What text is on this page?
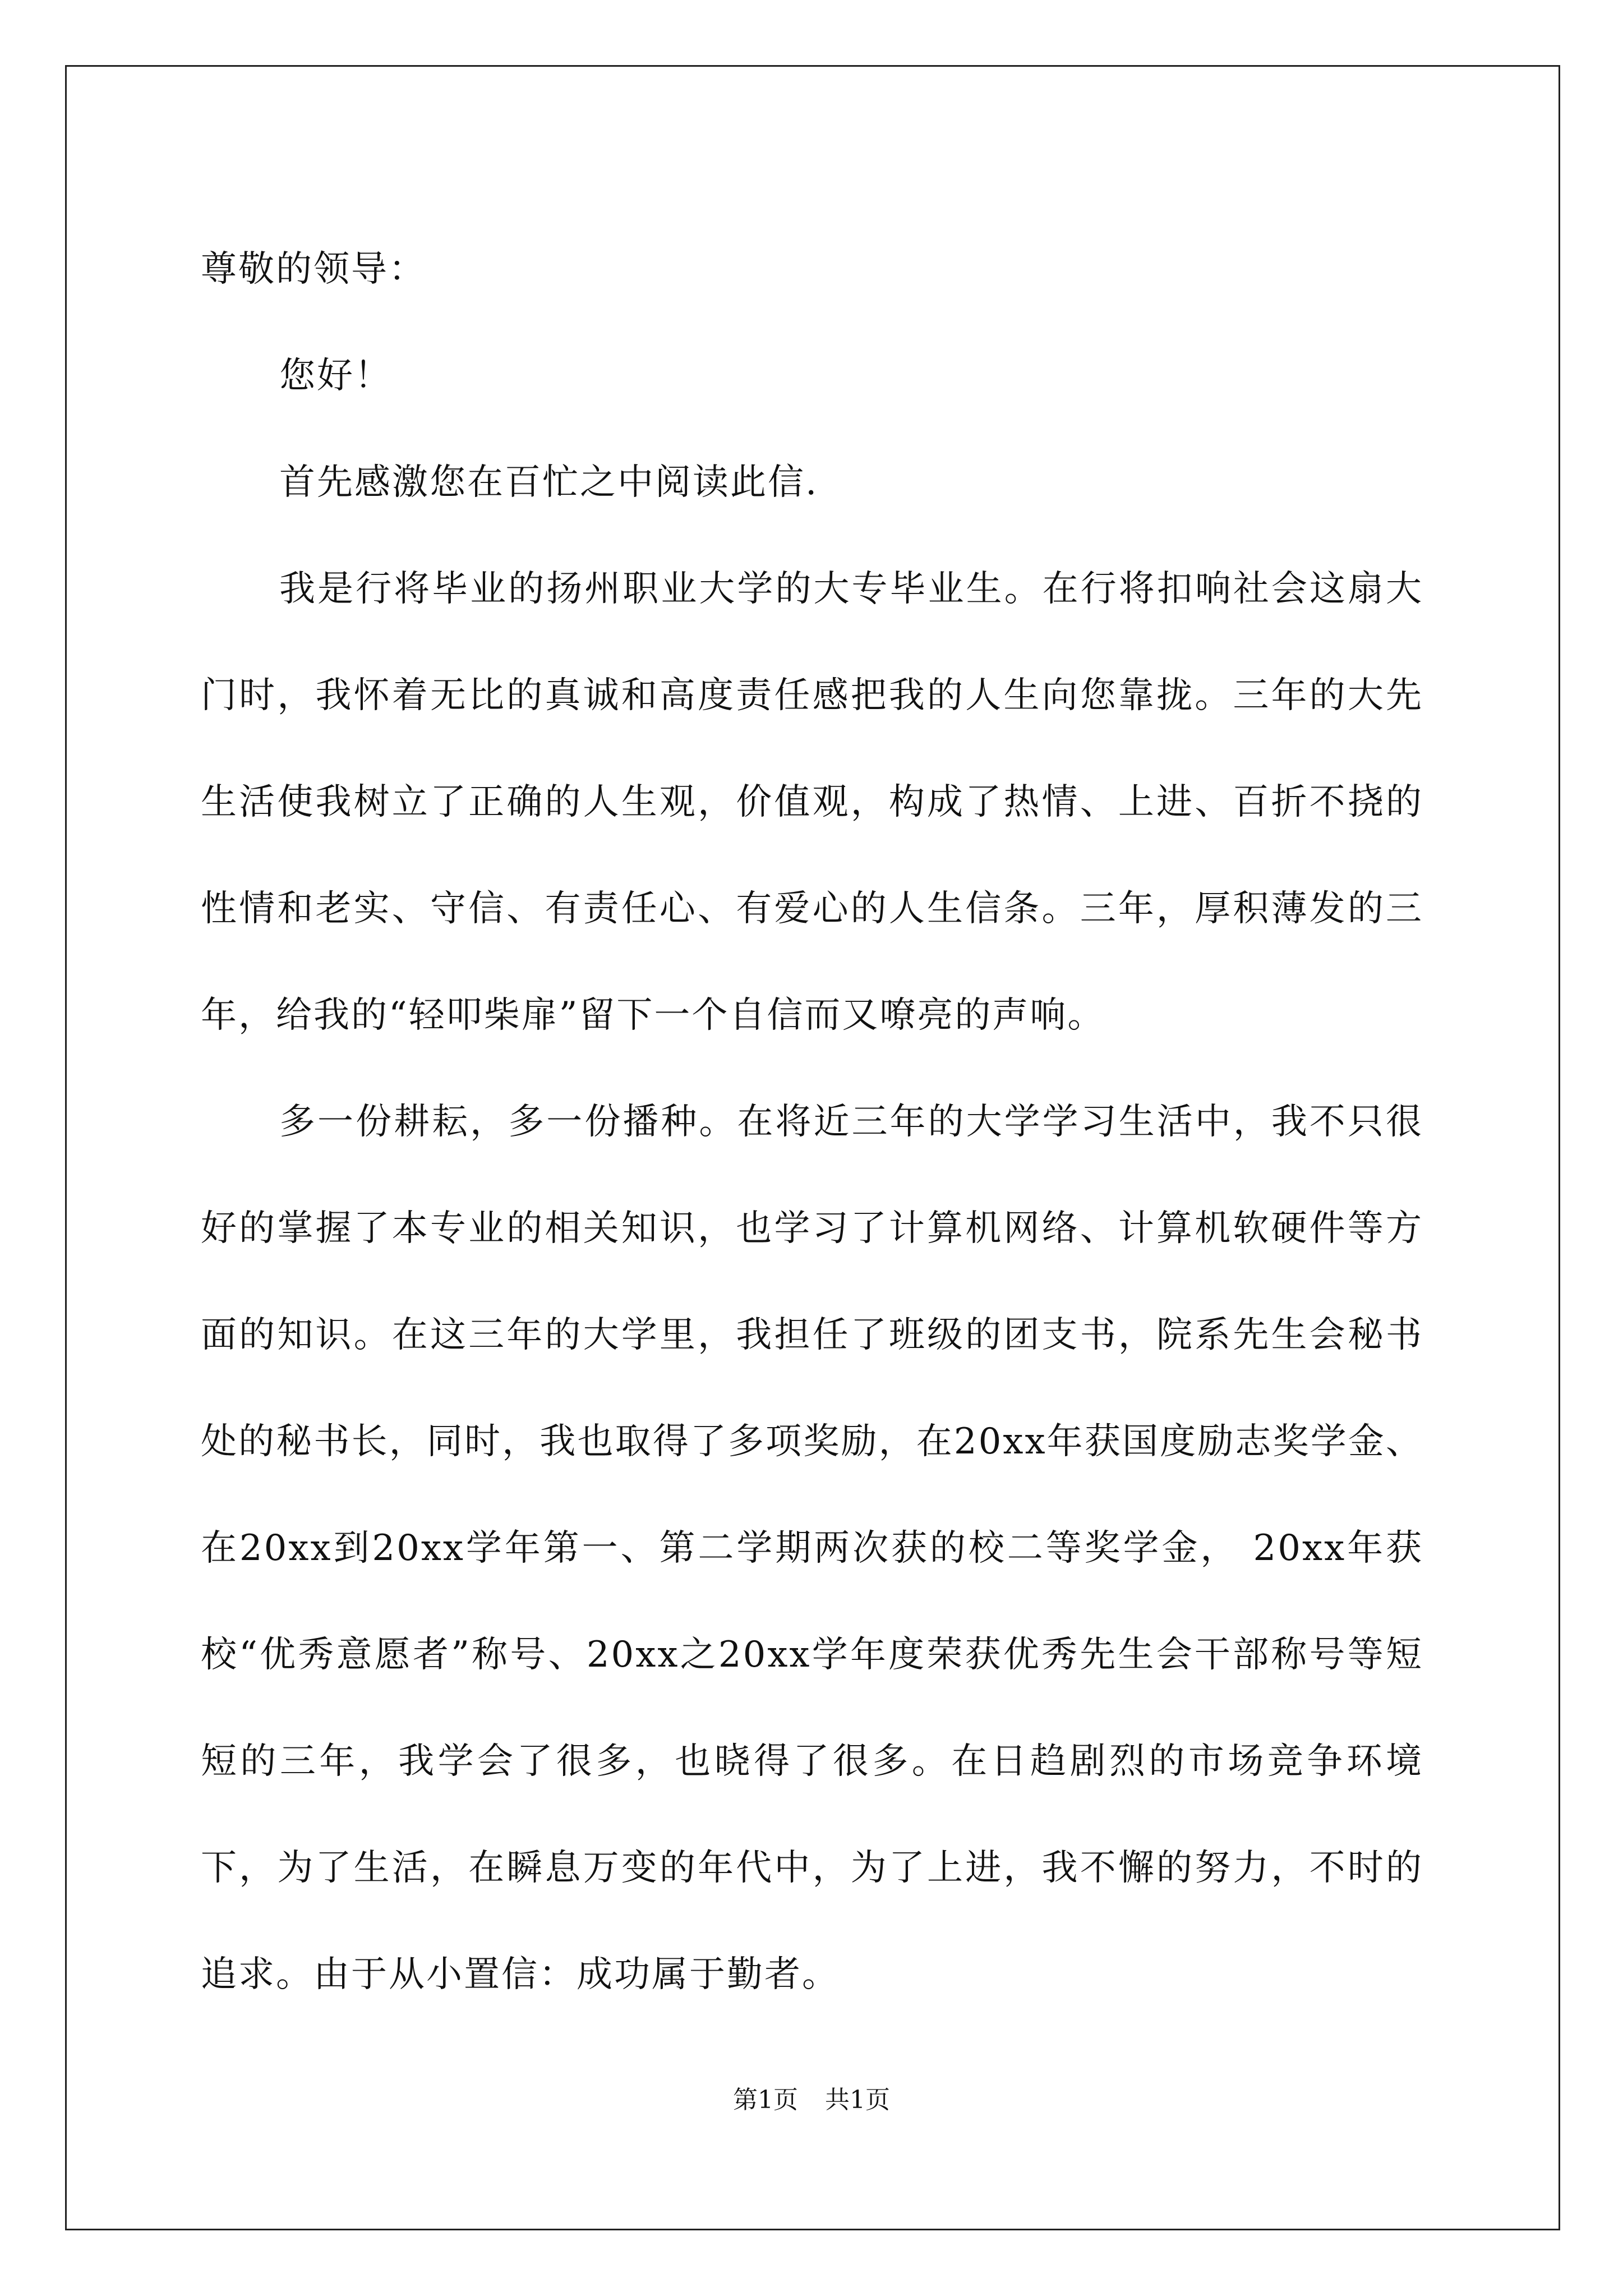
尊敬的领导：

您好！

首先感激您在百忙之中阅读此信.

我是行将毕业的扬州职业大学的大专毕业生。在行将扣响社会这扇大门时，我怀着无比的真诚和高度责任感把我的人生向您靠拢。三年的大先生活使我树立了正确的人生观，价值观，构成了热情、上进、百折不挠的性情和老实、守信、有责任心、有爱心的人生信条。三年，厚积薄发的三年，给我的“轻叩柴扉”留下一个自信而又嘹亮的声响。

多一份耕耘，多一份播种。在将近三年的大学学习生活中，我不只很好的掌握了本专业的相关知识，也学习了计算机网络、计算机软硬件等方面的知识。在这三年的大学里，我担任了班级的团支书，院系先生会秘书处的秘书长，同时，我也取得了多项奖励，在20xx年获国度励志奖学金、在20xx到20xx学年第一、第二学期两次获的校二等奖学金， 20xx年获校“优秀意愿者”称号、20xx之20xx学年度荣获优秀先生会干部称号等短短的三年，我学会了很多，也晓得了很多。在日趋剧烈的市场竞争环境下，为了生活，在瞬息万变的年代中，为了上进，我不懈的努力，不时的追求。由于从小置信：成功属于勤者。

第1页 共1页
